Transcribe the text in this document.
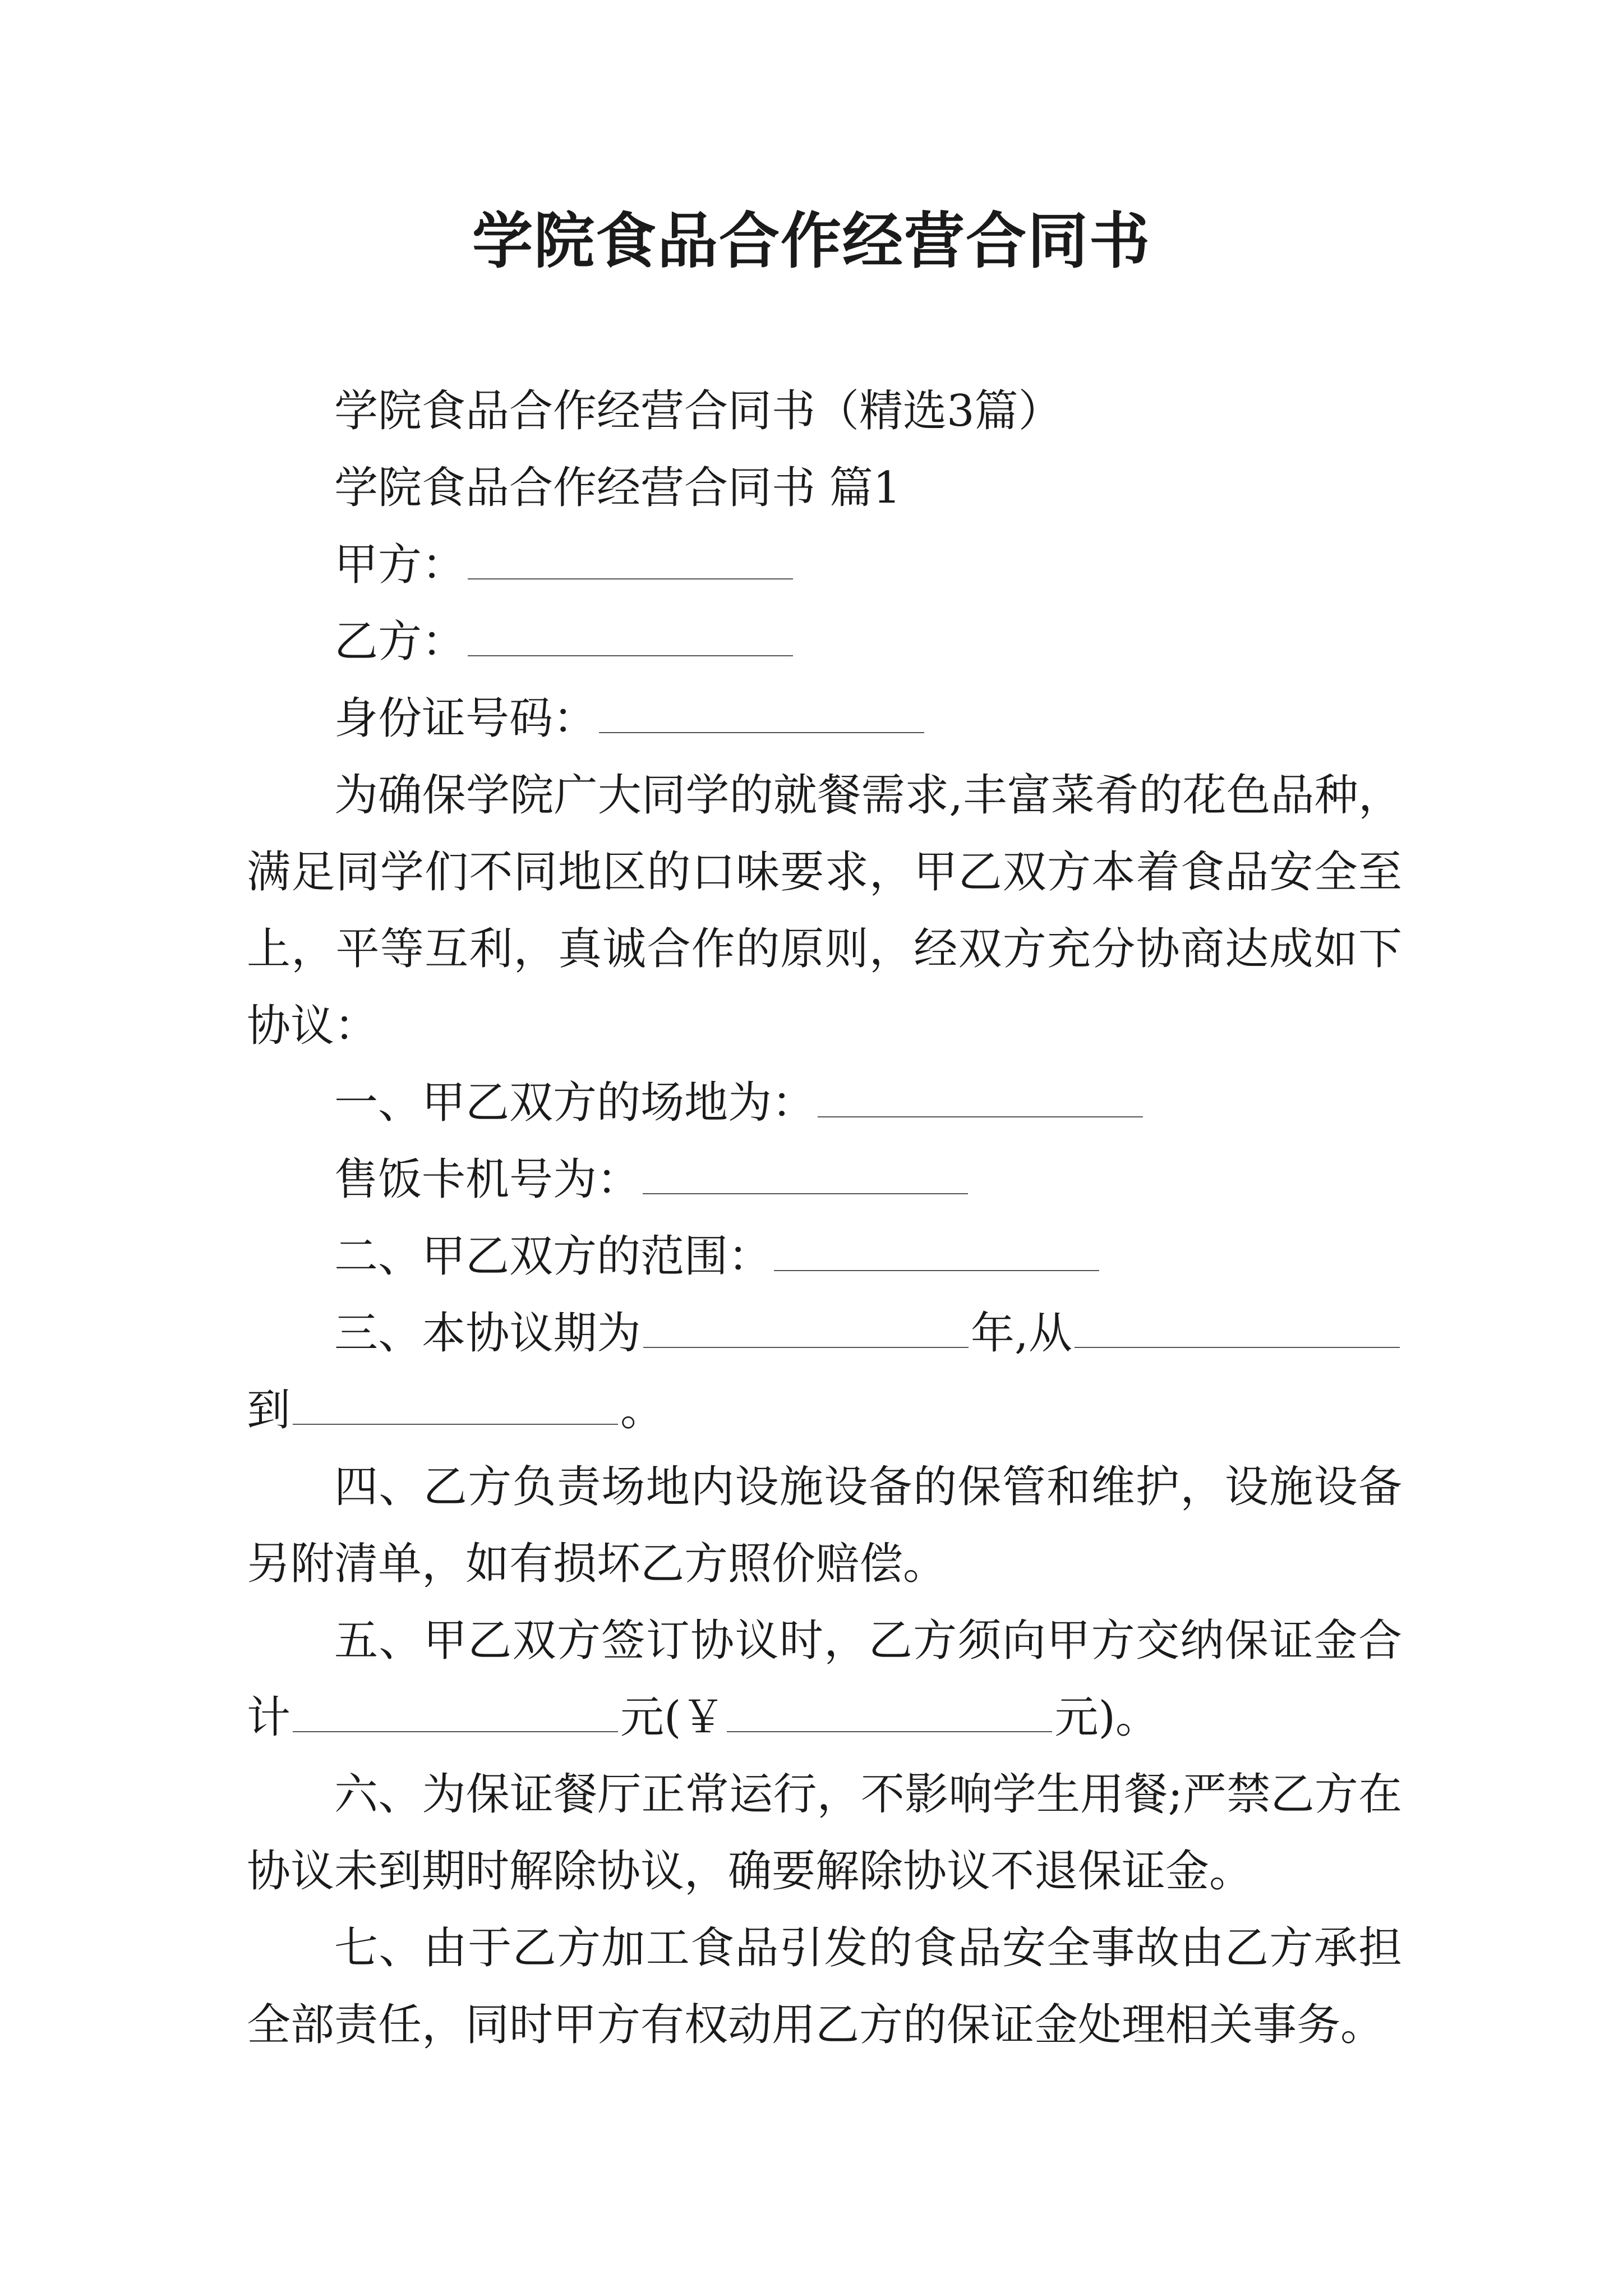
学院食品合作经营合同书

学院食品合作经营合同书（精选3篇）

学院食品合作经营合同书 篇1

甲方：

乙方：

身份证号码：

为确保学院广大同学的就餐需求,丰富菜肴的花色品种，满足同学们不同地区的口味要求，甲乙双方本着食品安全至上，平等互利，真诚合作的原则，经双方充分协商达成如下协议：

一、甲乙双方的场地为：

售饭卡机号为：

二、甲乙双方的范围：

三、本协议期为	年,从到	。

四、乙方负责场地内设施设备的保管和维护，设施设备另附清单，如有损坏乙方照价赔偿。

五、甲乙双方签订协议时，乙方须向甲方交纳保证金合计	元(￥	元)。

六、为保证餐厅正常运行，不影响学生用餐;严禁乙方在协议未到期时解除协议，确要解除协议不退保证金。

七、由于乙方加工食品引发的食品安全事故由乙方承担全部责任，同时甲方有权动用乙方的保证金处理相关事务。
